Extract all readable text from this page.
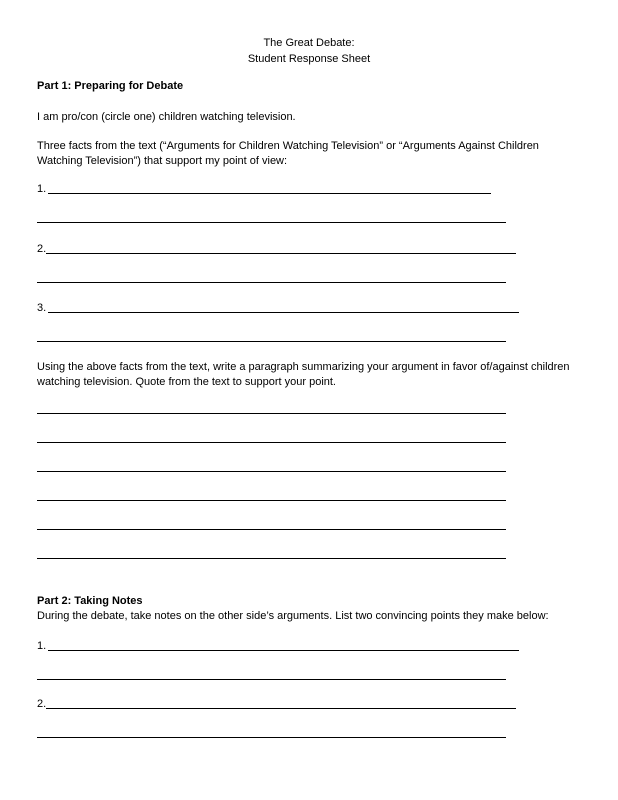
The Great Debate:
Student Response Sheet
Part 1: Preparing for Debate
I am pro/con (circle one) children watching television.
Three facts from the text (“Arguments for Children Watching Television” or “Arguments Against Children
Watching Television”) that support my point of view:
1.
2.
3.
Using the above facts from the text, write a paragraph summarizing your argument in favor of/against children
watching television. Quote from the text to support your point.
Part 2: Taking Notes
During the debate, take notes on the other side’s arguments. List two convincing points they make below:
1.
2.
